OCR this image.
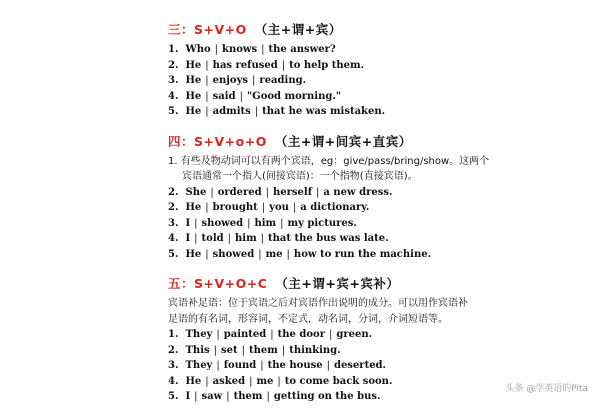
三：S+V+O （主+谓+宾）
1. Who | knows | the answer?
2. He | has refused | to help them.
3. He | enjoys | reading.
4. He | said | "Good morning."
5. He | admits | that he was mistaken.
四：S+V+o+O （主+谓+间宾+直宾）
1. 有些及物动词可以有两个宾语，eg：give/pass/bring/show。这两个
宾语通常一个指人(间接宾语)：一个指物(直接宾语)。
2. She | ordered | herself | a new dress.
2. He | brought | you | a dictionary.
3. I | showed | him | my pictures.
4. I | told | him | that the bus was late.
5. He | showed | me | how to run the machine.
五：S+V+O+C （主+谓+宾+宾补）
宾语补足语：位于宾语之后对宾语作出说明的成分。可以用作宾语补
足语的有名词，形容词，不定式，动名词，分词，介词短语等。
1. They | painted | the door | green.
2. This | set | them | thinking.
3. They | found | the house | deserted.
4. He | asked | me | to come back soon.
5. I | saw | them | getting on the bus.
头条 @学英语的Pita
